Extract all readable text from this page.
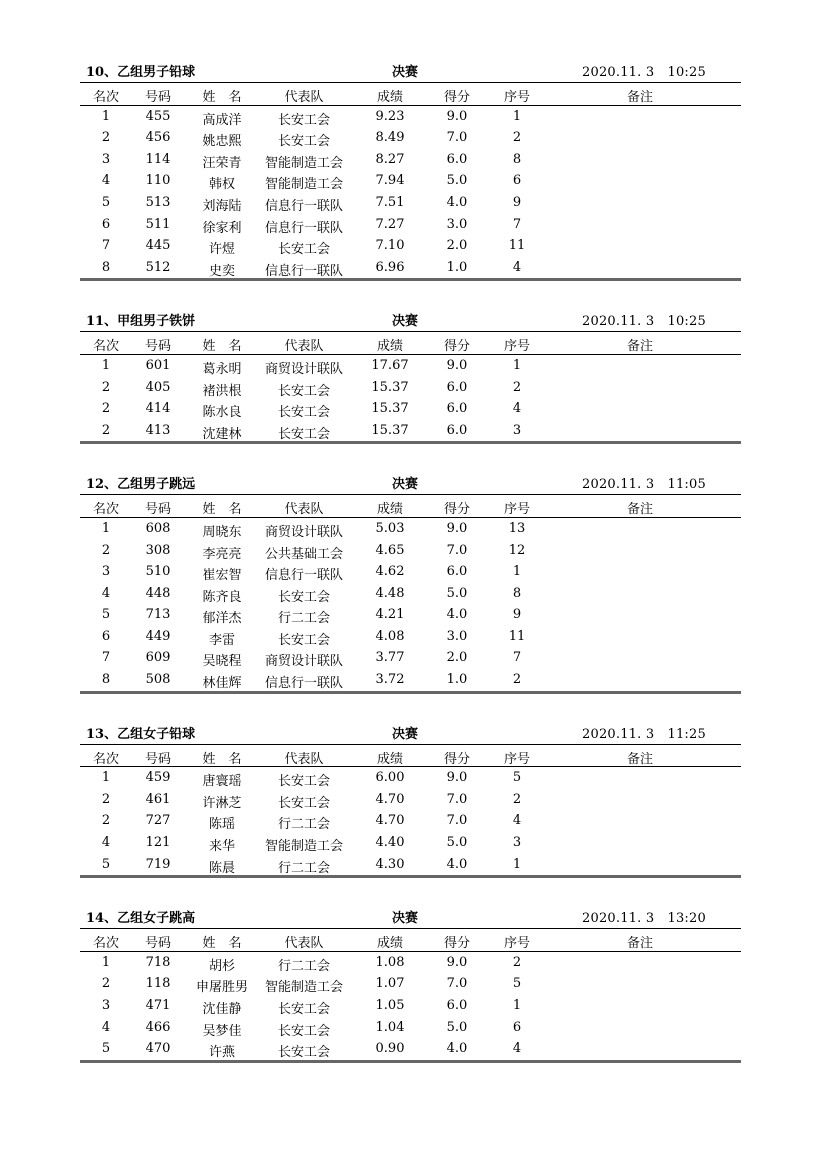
10、乙组男子铅球	决赛	2020.11. 3　10:25
名次	号码	姓　名	代表队	成绩	得分	序号	备注
1	455	高成洋	长安工会	9.23	9.0	1
2	456	姚忠熙	长安工会	8.49	7.0	2
3	114	汪荣青	智能制造工会	8.27	6.0	8
4	110	韩权	智能制造工会	7.94	5.0	6
5	513	刘海陆	信息行一联队	7.51	4.0	9
6	511	徐家利	信息行一联队	7.27	3.0	7
7	445	许煜	长安工会	7.10	2.0	11
8	512	史奕	信息行一联队	6.96	1.0	4
11、甲组男子铁饼	决赛	2020.11. 3　10:25
名次	号码	姓　名	代表队	成绩	得分	序号	备注
1	601	葛永明	商贸设计联队	17.67	9.0	1
2	405	褚洪根	长安工会	15.37	6.0	2
2	414	陈水良	长安工会	15.37	6.0	4
2	413	沈建林	长安工会	15.37	6.0	3
12、乙组男子跳远	决赛	2020.11. 3　11:05
名次	号码	姓　名	代表队	成绩	得分	序号	备注
1	608	周晓东	商贸设计联队	5.03	9.0	13
2	308	李亮亮	公共基础工会	4.65	7.0	12
3	510	崔宏智	信息行一联队	4.62	6.0	1
4	448	陈齐良	长安工会	4.48	5.0	8
5	713	郁洋杰	行二工会	4.21	4.0	9
6	449	李雷	长安工会	4.08	3.0	11
7	609	吴晓程	商贸设计联队	3.77	2.0	7
8	508	林佳辉	信息行一联队	3.72	1.0	2
13、乙组女子铅球	决赛	2020.11. 3　11:25
名次	号码	姓　名	代表队	成绩	得分	序号	备注
1	459	唐寰瑶	长安工会	6.00	9.0	5
2	461	许淋芝	长安工会	4.70	7.0	2
2	727	陈瑶	行二工会	4.70	7.0	4
4	121	来华	智能制造工会	4.40	5.0	3
5	719	陈晨	行二工会	4.30	4.0	1
14、乙组女子跳高	决赛	2020.11. 3　13:20
名次	号码	姓　名	代表队	成绩	得分	序号	备注
1	718	胡杉	行二工会	1.08	9.0	2
2	118	申屠胜男	智能制造工会	1.07	7.0	5
3	471	沈佳静	长安工会	1.05	6.0	1
4	466	吴梦佳	长安工会	1.04	5.0	6
5	470	许燕	长安工会	0.90	4.0	4
